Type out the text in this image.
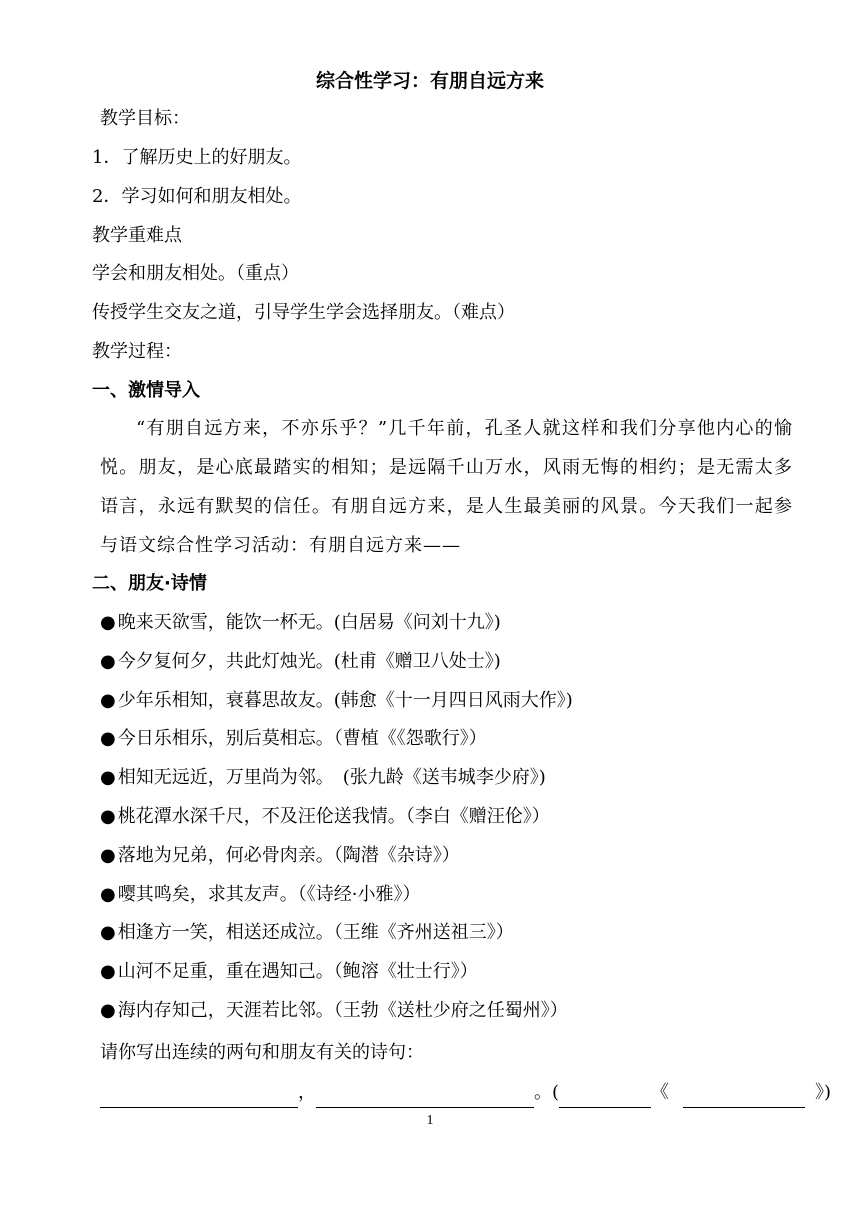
综合性学习：有朋自远方来
教学目标：
1．了解历史上的好朋友。
2．学习如何和朋友相处。
教学重难点
学会和朋友相处。（重点）
传授学生交友之道，引导学生学会选择朋友。（难点）
教学过程：
一、激情导入
“有朋自远方来，不亦乐乎？”几千年前，孔圣人就这样和我们分享他内心的愉悦。朋友，是心底最踏实的相知；是远隔千山万水，风雨无悔的相约；是无需太多语言，永远有默契的信任。有朋自远方来，是人生最美丽的风景。今天我们一起参与语文综合性学习活动：有朋自远方来——
二、朋友·诗情
● 晚来天欲雪，能饮一杯无。(白居易《问刘十九》)
● 今夕复何夕，共此灯烛光。(杜甫《赠卫八处士》)
● 少年乐相知，衰暮思故友。(韩愈《十一月四日风雨大作》)
● 今日乐相乐，别后莫相忘。（曹植《《怨歌行》）
● 相知无远近，万里尚为邻。　(张九龄《送韦城李少府》)
● 桃花潭水深千尺，不及汪伦送我情。（李白《赠汪伦》）
● 落地为兄弟，何必骨肉亲。（陶潜《杂诗》）
● 嘤其鸣矣，求其友声。（《诗经·小雅》）
● 相逢方一笑，相送还成泣。（王维《齐州送祖三》）
● 山河不足重，重在遇知己。（鲍溶《壮士行》）
● 海内存知己，天涯若比邻。（王勃《送杜少府之任蜀州》）
请你写出连续的两句和朋友有关的诗句：
，	。(	《	》)
1
